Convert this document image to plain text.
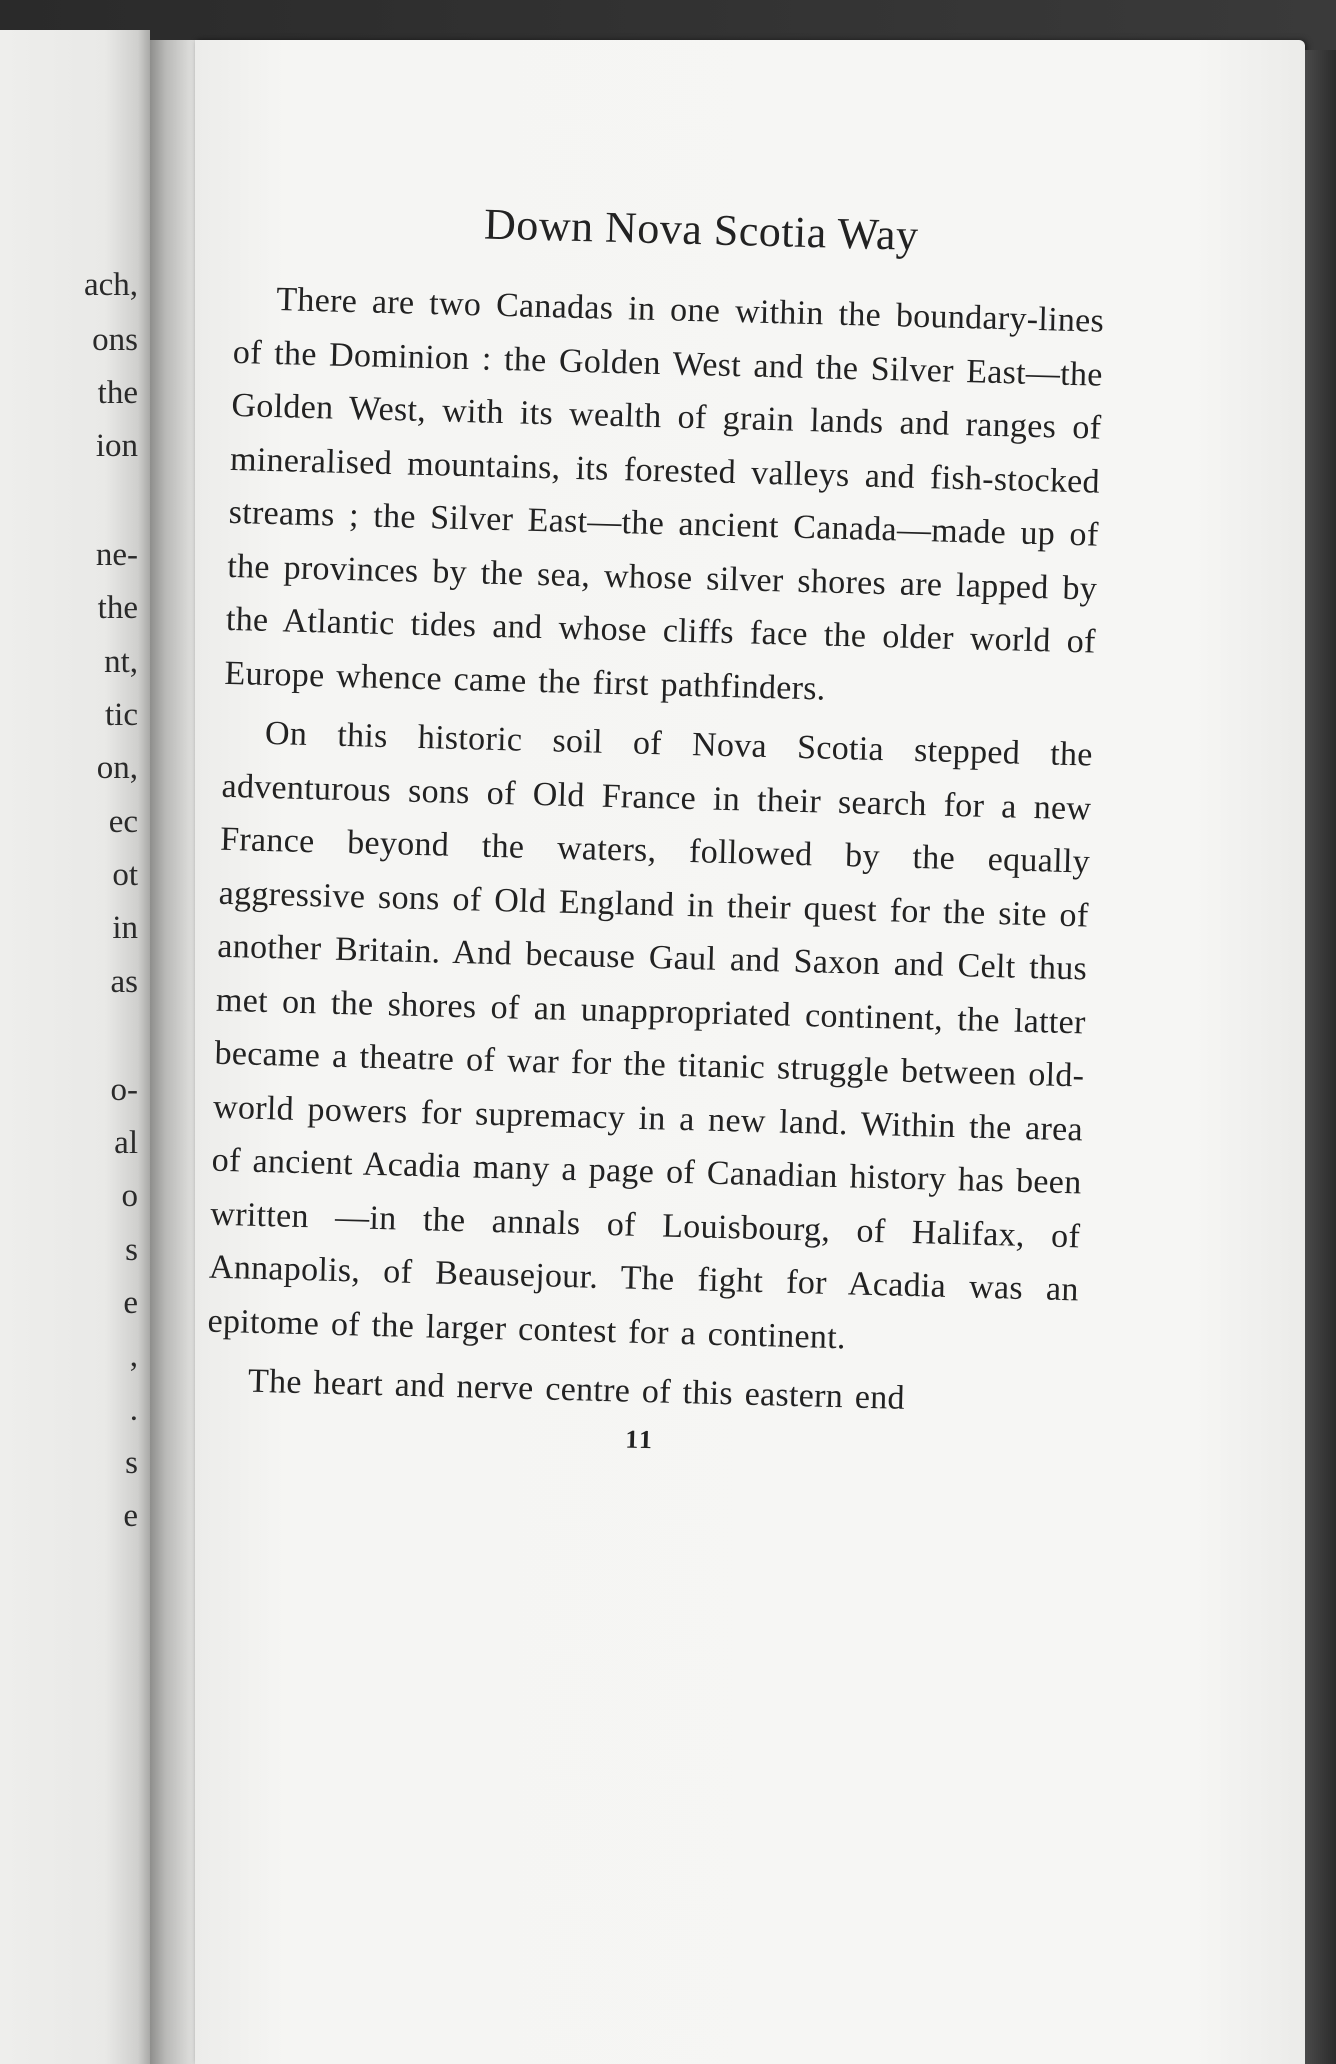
ach,
ons
the
ion
ne-
the
nt,
tic
on,
ec
ot
in
as
o-
al
o
s
e
,
.
s
e
Down Nova Scotia Way

There are two Canadas in one within the boundary-lines of the Dominion : the Golden West and the Silver East—the Golden West, with its wealth of grain lands and ranges of mineralised mountains, its forested valleys and fish-stocked streams ; the Silver East—the ancient Canada—made up of the provinces by the sea, whose silver shores are lapped by the Atlantic tides and whose cliffs face the older world of Europe whence came the first pathfinders.

On this historic soil of Nova Scotia stepped the adventurous sons of Old France in their search for a new France beyond the waters, followed by the equally aggressive sons of Old England in their quest for the site of another Britain. And because Gaul and Saxon and Celt thus met on the shores of an unappropriated continent, the latter became a theatre of war for the titanic struggle between old-world powers for supremacy in a new land. Within the area of ancient Acadia many a page of Canadian history has been written —in the annals of Louisbourg, of Halifax, of Annapolis, of Beausejour. The fight for Acadia was an epitome of the larger contest for a continent.

The heart and nerve centre of this eastern end

11
